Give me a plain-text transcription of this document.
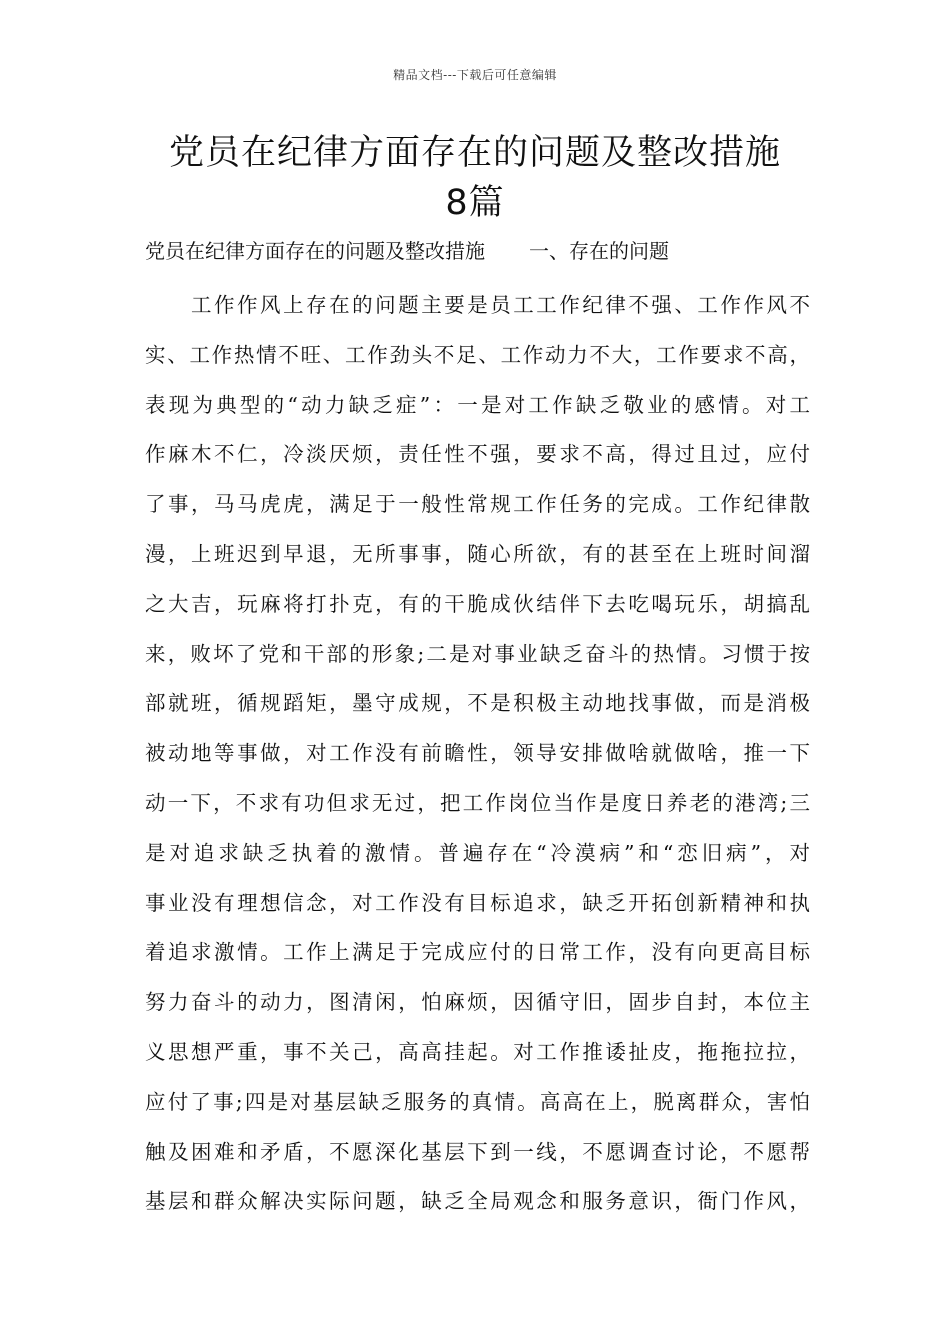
精品文档---下载后可任意编辑
党员在纪律方面存在的问题及整改措施
8篇
党员在纪律方面存在的问题及整改措施 一、存在的问题
工作作风上存在的问题主要是员工工作纪律不强、工作作风不
实、工作热情不旺、工作劲头不足、工作动力不大，工作要求不高，
表现为典型的“动力缺乏症”：一是对工作缺乏敬业的感情。对工
作麻木不仁，冷淡厌烦，责任性不强，要求不高，得过且过，应付
了事，马马虎虎，满足于一般性常规工作任务的完成。工作纪律散
漫，上班迟到早退，无所事事，随心所欲，有的甚至在上班时间溜
之大吉，玩麻将打扑克，有的干脆成伙结伴下去吃喝玩乐，胡搞乱
来，败坏了党和干部的形象;二是对事业缺乏奋斗的热情。习惯于按
部就班，循规蹈矩，墨守成规，不是积极主动地找事做，而是消极
被动地等事做，对工作没有前瞻性，领导安排做啥就做啥，推一下
动一下，不求有功但求无过，把工作岗位当作是度日养老的港湾;三
是对追求缺乏执着的激情。普遍存在“冷漠病”和“恋旧病”，对
事业没有理想信念，对工作没有目标追求，缺乏开拓创新精神和执
着追求激情。工作上满足于完成应付的日常工作，没有向更高目标
努力奋斗的动力，图清闲，怕麻烦，因循守旧，固步自封，本位主
义思想严重，事不关己，高高挂起。对工作推诿扯皮，拖拖拉拉，
应付了事;四是对基层缺乏服务的真情。高高在上，脱离群众，害怕
触及困难和矛盾，不愿深化基层下到一线，不愿调查讨论，不愿帮
基层和群众解决实际问题，缺乏全局观念和服务意识，衙门作风，
